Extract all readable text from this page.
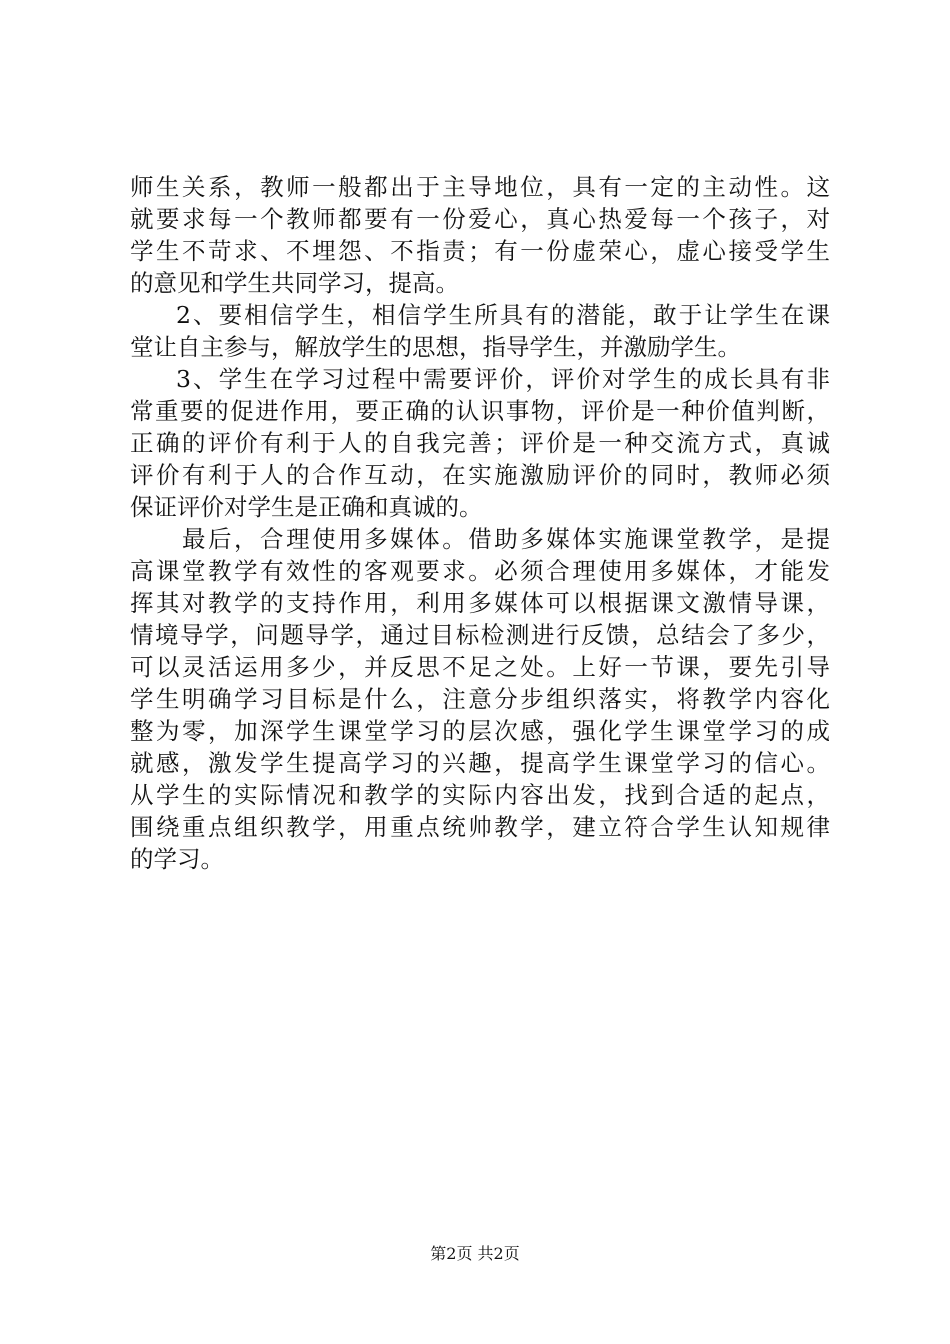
师生关系，教师一般都出于主导地位，具有一定的主动性。这
就要求每一个教师都要有一份爱心，真心热爱每一个孩子，对
学生不苛求、不埋怨、不指责；有一份虚荣心，虚心接受学生
的意见和学生共同学习，提高。
2、要相信学生，相信学生所具有的潜能，敢于让学生在课
堂让自主参与，解放学生的思想，指导学生，并激励学生。
3、学生在学习过程中需要评价，评价对学生的成长具有非
常重要的促进作用，要正确的认识事物，评价是一种价值判断，
正确的评价有利于人的自我完善；评价是一种交流方式，真诚
评价有利于人的合作互动，在实施激励评价的同时，教师必须
保证评价对学生是正确和真诚的。
最后，合理使用多媒体。借助多媒体实施课堂教学，是提
高课堂教学有效性的客观要求。必须合理使用多媒体，才能发
挥其对教学的支持作用，利用多媒体可以根据课文激情导课，
情境导学，问题导学，通过目标检测进行反馈，总结会了多少，
可以灵活运用多少，并反思不足之处。上好一节课，要先引导
学生明确学习目标是什么，注意分步组织落实，将教学内容化
整为零，加深学生课堂学习的层次感，强化学生课堂学习的成
就感，激发学生提高学习的兴趣，提高学生课堂学习的信心。
从学生的实际情况和教学的实际内容出发，找到合适的起点，
围绕重点组织教学，用重点统帅教学，建立符合学生认知规律
的学习。
第2页 共2页
